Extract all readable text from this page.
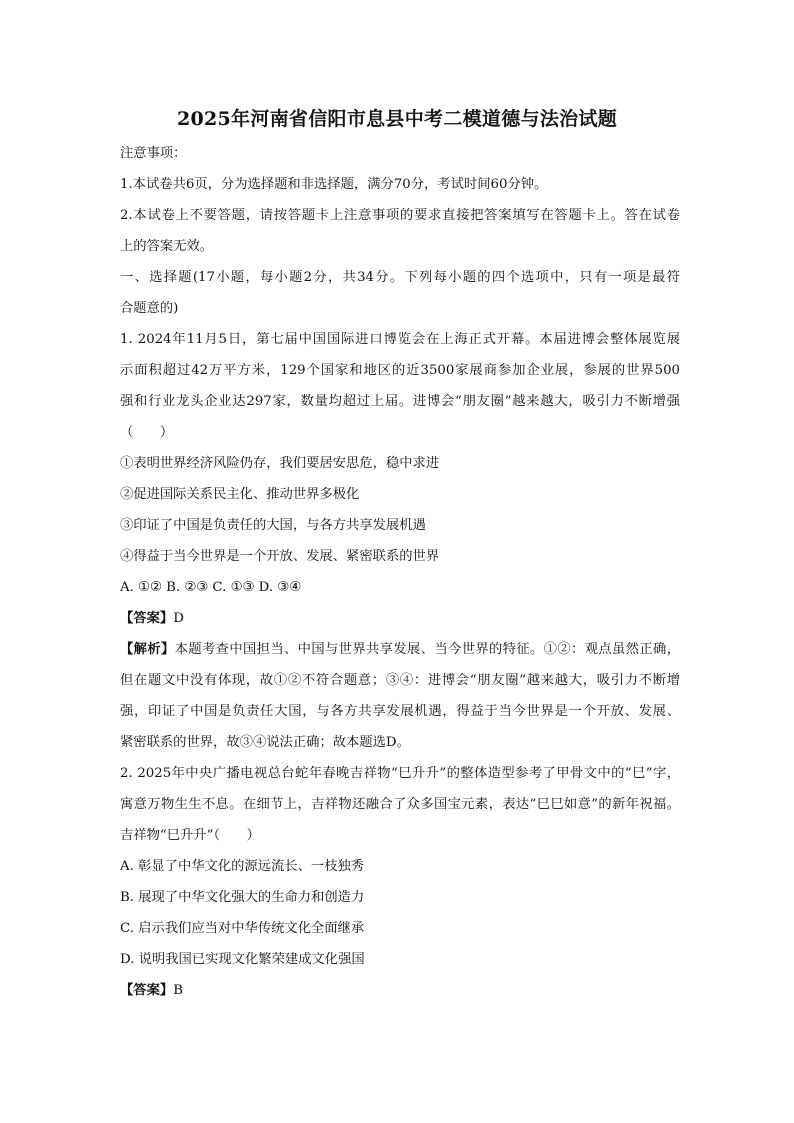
2025年河南省信阳市息县中考二模道德与法治试题
注意事项：
1.本试卷共6页，分为选择题和非选择题，满分70分，考试时间60分钟。
2.本试卷上不要答题，请按答题卡上注意事项的要求直接把答案填写在答题卡上。答在试卷
上的答案无效。
一、选择题(17小题，每小题2分，共34分。下列每小题的四个选项中，只有一项是最符
合题意的)
1. 2024年11月5日，第七届中国国际进口博览会在上海正式开幕。本届进博会整体展览展
示面积超过42万平方米，129个国家和地区的近3500家展商参加企业展，参展的世界500
强和行业龙头企业达297家，数量均超过上届。进博会“朋友圈”越来越大，吸引力不断增强
（　　）
①表明世界经济风险仍存，我们要居安思危，稳中求进
②促进国际关系民主化、推动世界多极化
③印证了中国是负责任的大国，与各方共享发展机遇
④得益于当今世界是一个开放、发展、紧密联系的世界
A. ①② B. ②③ C. ①③ D. ③④
【答案】D
【解析】本题考查中国担当、中国与世界共享发展、当今世界的特征。①②：观点虽然正确，
但在题文中没有体现，故①②不符合题意；③④：进博会“朋友圈”越来越大，吸引力不断增
强，印证了中国是负责任大国，与各方共享发展机遇，得益于当今世界是一个开放、发展、
紧密联系的世界，故③④说法正确；故本题选D。
2. 2025年中央广播电视总台蛇年春晚吉祥物“巳升升”的整体造型参考了甲骨文中的“巳”字，
寓意万物生生不息。在细节上，吉祥物还融合了众多国宝元素，表达“巳巳如意”的新年祝福。
吉祥物“巳升升”（　　）
A. 彰显了中华文化的源远流长、一枝独秀
B. 展现了中华文化强大的生命力和创造力
C. 启示我们应当对中华传统文化全面继承
D. 说明我国已实现文化繁荣建成文化强国
【答案】B
